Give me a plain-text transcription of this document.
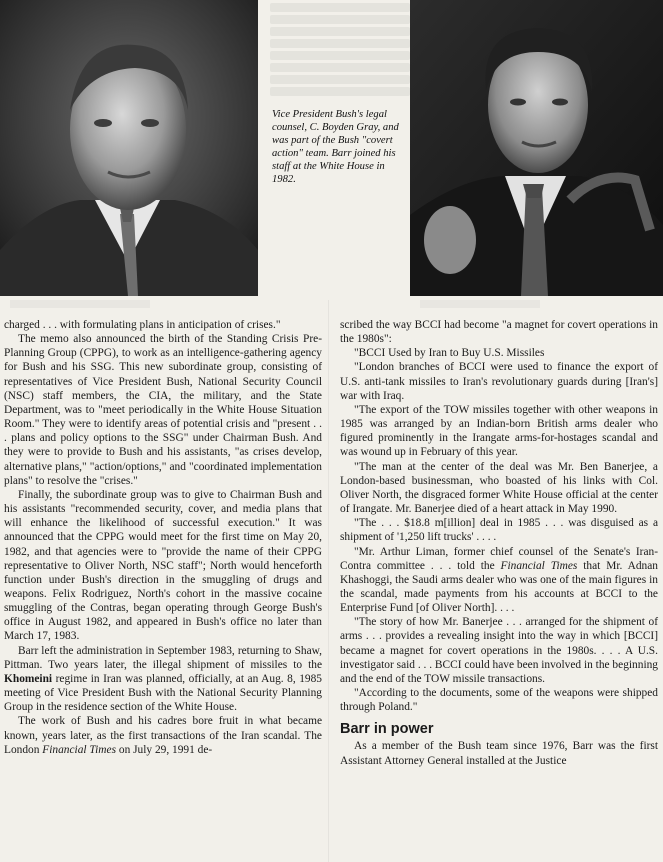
Vice President Bush's legal counsel, C. Boyden Gray, and was part of the Bush "covert action" team. Barr joined his staff at the White House in 1982.

charged . . . with formulating plans in anticipation of crises."

The memo also announced the birth of the Standing Crisis Pre-Planning Group (CPPG), to work as an intelligence-gathering agency for Bush and his SSG. This new subordinate group, consisting of representatives of Vice President Bush, National Security Council (NSC) staff members, the CIA, the military, and the State Department, was to "meet periodically in the White House Situation Room." They were to identify areas of potential crisis and "present . . . plans and policy options to the SSG" under Chairman Bush. And they were to provide to Bush and his assistants, "as crises develop, alternative plans," "action/options," and "coordinated implementation plans" to resolve the "crises."

Finally, the subordinate group was to give to Chairman Bush and his assistants "recommended security, cover, and media plans that will enhance the likelihood of successful execution." It was announced that the CPPG would meet for the first time on May 20, 1982, and that agencies were to "provide the name of their CPPG representative to Oliver North, NSC staff"; North would henceforth function under Bush's direction in the smuggling of drugs and weapons. Felix Rodriguez, North's cohort in the massive cocaine smuggling of the Contras, began operating through George Bush's office in August 1982, and appeared in Bush's office no later than March 17, 1983.

Barr left the administration in September 1983, returning to Shaw, Pittman. Two years later, the illegal shipment of missiles to the Khomeini regime in Iran was planned, officially, at an Aug. 8, 1985 meeting of Vice President Bush with the National Security Planning Group in the residence section of the White House.

The work of Bush and his cadres bore fruit in what became known, years later, as the first transactions of the Iran scandal. The London Financial Times on July 29, 1991 de-

scribed the way BCCI had become "a magnet for covert operations in the 1980s":

"BCCI Used by Iran to Buy U.S. Missiles

"London branches of BCCI were used to finance the export of U.S. anti-tank missiles to Iran's revolutionary guards during [Iran's] war with Iraq.

"The export of the TOW missiles together with other weapons in 1985 was arranged by an Indian-born British arms dealer who figured prominently in the Irangate arms-for-hostages scandal and was wound up in February of this year.

"The man at the center of the deal was Mr. Ben Banerjee, a London-based businessman, who boasted of his links with Col. Oliver North, the disgraced former White House official at the center of Irangate. Mr. Banerjee died of a heart attack in May 1990.

"The . . . $18.8 m[illion] deal in 1985 . . . was disguised as a shipment of '1,250 lift trucks' . . . .

"Mr. Arthur Liman, former chief counsel of the Senate's Iran-Contra committee . . . told the Financial Times that Mr. Adnan Khashoggi, the Saudi arms dealer who was one of the main figures in the scandal, made payments from his accounts at BCCI to the Enterprise Fund [of Oliver North]. . . .

"The story of how Mr. Banerjee . . . arranged for the shipment of arms . . . provides a revealing insight into the way in which [BCCI] became a magnet for covert operations in the 1980s. . . . A U.S. investigator said . . . BCCI could have been involved in the beginning and the end of the TOW missile transactions.

"According to the documents, some of the weapons were shipped through Poland."

Barr in power

As a member of the Bush team since 1976, Barr was the first Assistant Attorney General installed at the Justice
